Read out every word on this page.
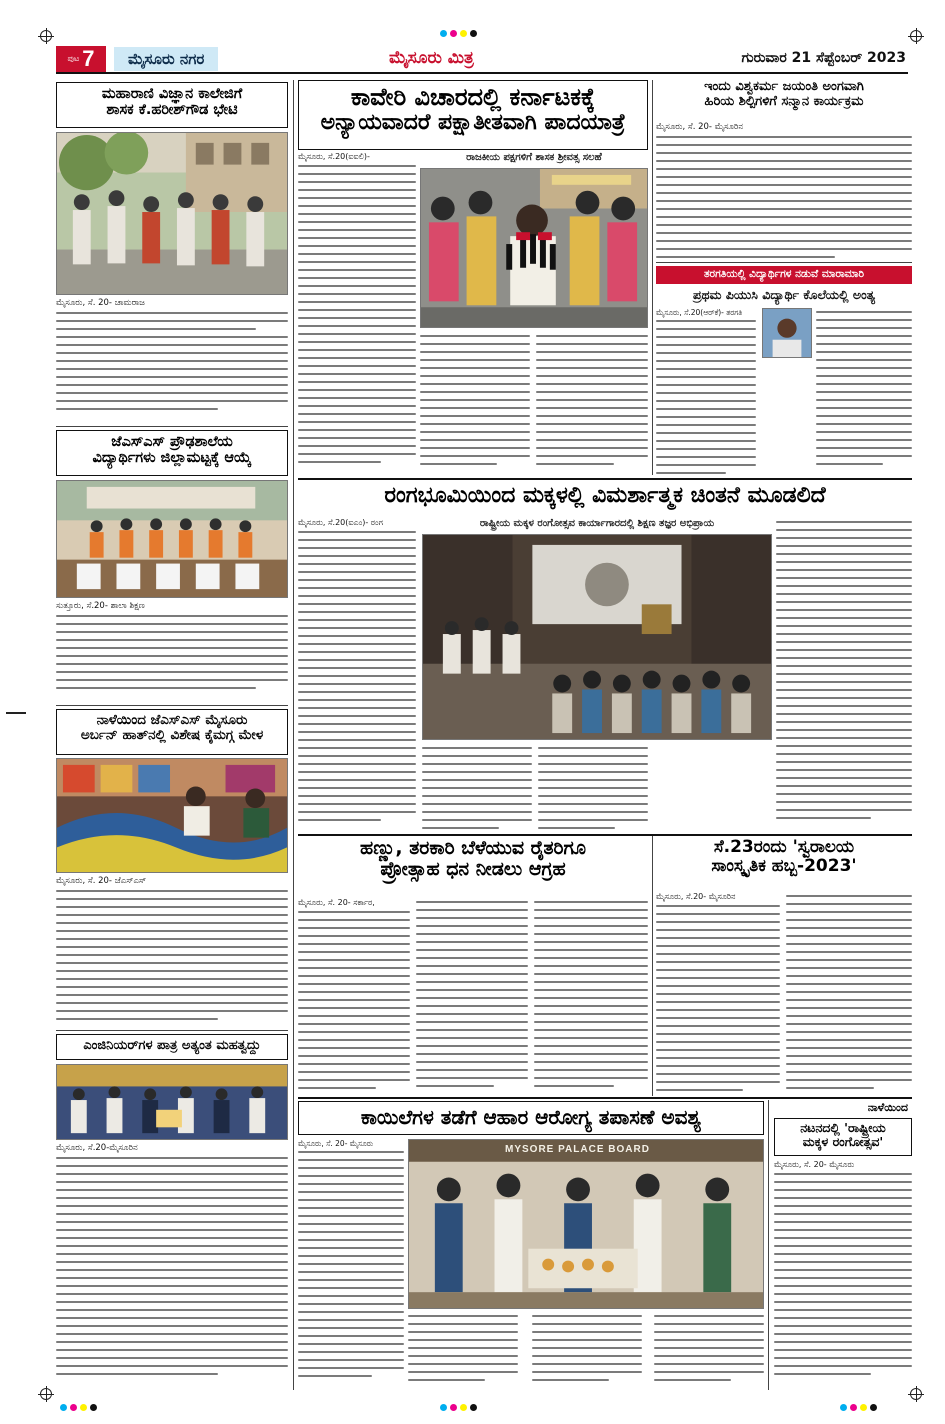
ಪುಟ 7	ಮೈಸೂರು ನಗರ	ಮೈಸೂರು ಮಿತ್ರ	ಗುರುವಾರ 21 ಸೆಪ್ಟೆಂಬರ್ 2023
ಮಹಾರಾಣಿ ವಿಜ್ಞಾನ ಕಾಲೇಜಿಗೆ
ಶಾಸಕ ಕೆ.ಹರೀಶ್‌ಗೌಡ ಭೇಟಿ
ಮೈಸೂರು, ಸೆ. 20- ಚಾಮರಾಜ
ಜೆಎಸ್‌ಎಸ್ ಪ್ರೌಢಶಾಲೆಯ
ವಿದ್ಯಾರ್ಥಿಗಳು ಜಿಲ್ಲಾಮಟ್ಟಕ್ಕೆ ಆಯ್ಕೆ
ಸುತ್ತೂರು, ಸೆ.20- ಶಾಲಾ ಶಿಕ್ಷಣ
ನಾಳೆಯಿಂದ ಜೆಎಸ್‌ಎಸ್ ಮೈಸೂರು
ಅರ್ಬನ್ ಹಾತ್‌ನಲ್ಲಿ ವಿಶೇಷ ಕೈಮಗ್ಗ ಮೇಳ
ಮೈಸೂರು, ಸೆ. 20- ಜೆಎಸ್‌ಎಸ್
ಎಂಜಿನಿಯರ್‌ಗಳ ಪಾತ್ರ ಅತ್ಯಂತ ಮಹತ್ವದ್ದು
ಮೈಸೂರು, ಸೆ.20-ಮೈಸೂರಿನ
ಕಾವೇರಿ ವಿಚಾರದಲ್ಲಿ ಕರ್ನಾಟಕಕ್ಕೆ
ಅನ್ಯಾಯವಾದರೆ ಪಕ್ಷಾತೀತವಾಗಿ ಪಾದಯಾತ್ರೆ
ರಾಜಕೀಯ ಪಕ್ಷಗಳಿಗೆ ಶಾಸಕ ಶ್ರೀವತ್ಸ ಸಲಹೆ
ಮೈಸೂರು, ಸೆ.20(ಐಐಲಿ)-
ಇಂದು ವಿಶ್ವಕರ್ಮ ಜಯಂತಿ ಅಂಗವಾಗಿ
ಹಿರಿಯ ಶಿಲ್ಪಿಗಳಿಗೆ ಸನ್ಮಾನ ಕಾರ್ಯಕ್ರಮ
ಮೈಸೂರು, ಸೆ. 20- ಮೈಸೂರಿನ
ತರಗತಿಯಲ್ಲಿ ವಿದ್ಯಾರ್ಥಿಗಳ ನಡುವೆ ಮಾರಾಮಾರಿ
ಪ್ರಥಮ ಪಿಯುಸಿ ವಿದ್ಯಾರ್ಥಿ ಕೊಲೆಯಲ್ಲಿ ಅಂತ್ಯ
ಮೈಸೂರು, ಸೆ.20(ಆರ್‌ಕೆ)- ತರಗತಿ
ರಂಗಭೂಮಿಯಿಂದ ಮಕ್ಕಳಲ್ಲಿ ವಿಮರ್ಶಾತ್ಮಕ ಚಿಂತನೆ ಮೂಡಲಿದೆ
ರಾಷ್ಟ್ರೀಯ ಮಕ್ಕಳ ರಂಗೋತ್ಸವ ಕಾರ್ಯಾಗಾರದಲ್ಲಿ ಶಿಕ್ಷಣ ತಜ್ಞರ ಅಭಿಪ್ರಾಯ
ಮೈಸೂರು, ಸೆ.20(ಐಎಂ)- ರಂಗ
ಹಣ್ಣು, ತರಕಾರಿ ಬೆಳೆಯುವ ರೈತರಿಗೂ
ಪ್ರೋತ್ಸಾಹ ಧನ ನೀಡಲು ಆಗ್ರಹ
ಮೈಸೂರು, ಸೆ. 20- ಸರ್ಕಾರ,
ಸೆ.23ರಂದು 'ಸ್ವರಾಲಯ
ಸಾಂಸ್ಕೃತಿಕ ಹಬ್ಬ-2023'
ಮೈಸೂರು, ಸೆ.20- ಮೈಸೂರಿನ
ಕಾಯಿಲೆಗಳ ತಡೆಗೆ ಆಹಾರ ಆರೋಗ್ಯ ತಪಾಸಣೆ ಅವಶ್ಯ
ಮೈಸೂರು, ಸೆ. 20- ಮೈಸೂರು
MYSORE PALACE BOARD
ನಾಳೆಯಿಂದ
ನಟನದಲ್ಲಿ 'ರಾಷ್ಟ್ರೀಯ
ಮಕ್ಕಳ ರಂಗೋತ್ಸವ'
ಮೈಸೂರು, ಸೆ. 20- ಮೈಸೂರು
